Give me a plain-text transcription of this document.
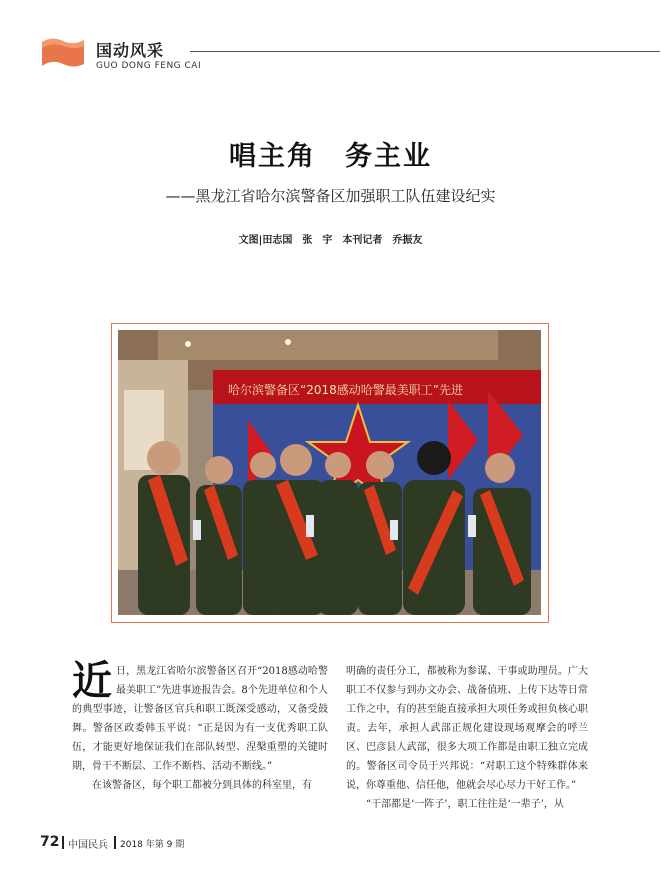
国动风采
GUO DONG FENG CAI
唱主角　务主业
——黑龙江省哈尔滨警备区加强职工队伍建设纪实
文图|田志国　张　宇　本刊记者　乔振友
哈尔滨警备区“2018感动哈警最美职工”先进
近 日，黑龙江省哈尔滨警备区召开“2018感动哈警最美职工”先进事迹报告会。8个先进单位和个人的典型事迹，让警备区官兵和职工既深受感动，又备受鼓舞。警备区政委韩玉平说：“正是因为有一支优秀职工队伍，才能更好地保证我们在部队转型、涅槃重塑的关键时期，骨干不断层、工作不断档、活动不断线。”

在该警备区，每个职工都被分到具体的科室里，有

明确的责任分工，都被称为参谋、干事或助理员。广大职工不仅参与到办文办会、战备值班、上传下达等日常工作之中，有的甚至能直接承担大项任务或担负核心职责。去年，承担人武部正规化建设现场观摩会的呼兰区、巴彦县人武部，很多大项工作都是由职工独立完成的。警备区司令员于兴邦说：“对职工这个特殊群体来说，你尊重他、信任他，他就会尽心尽力干好工作。”

“干部都是‘一阵子’，职工往往是‘一辈子’，从

72 中国民兵 2018 年第 9 期
